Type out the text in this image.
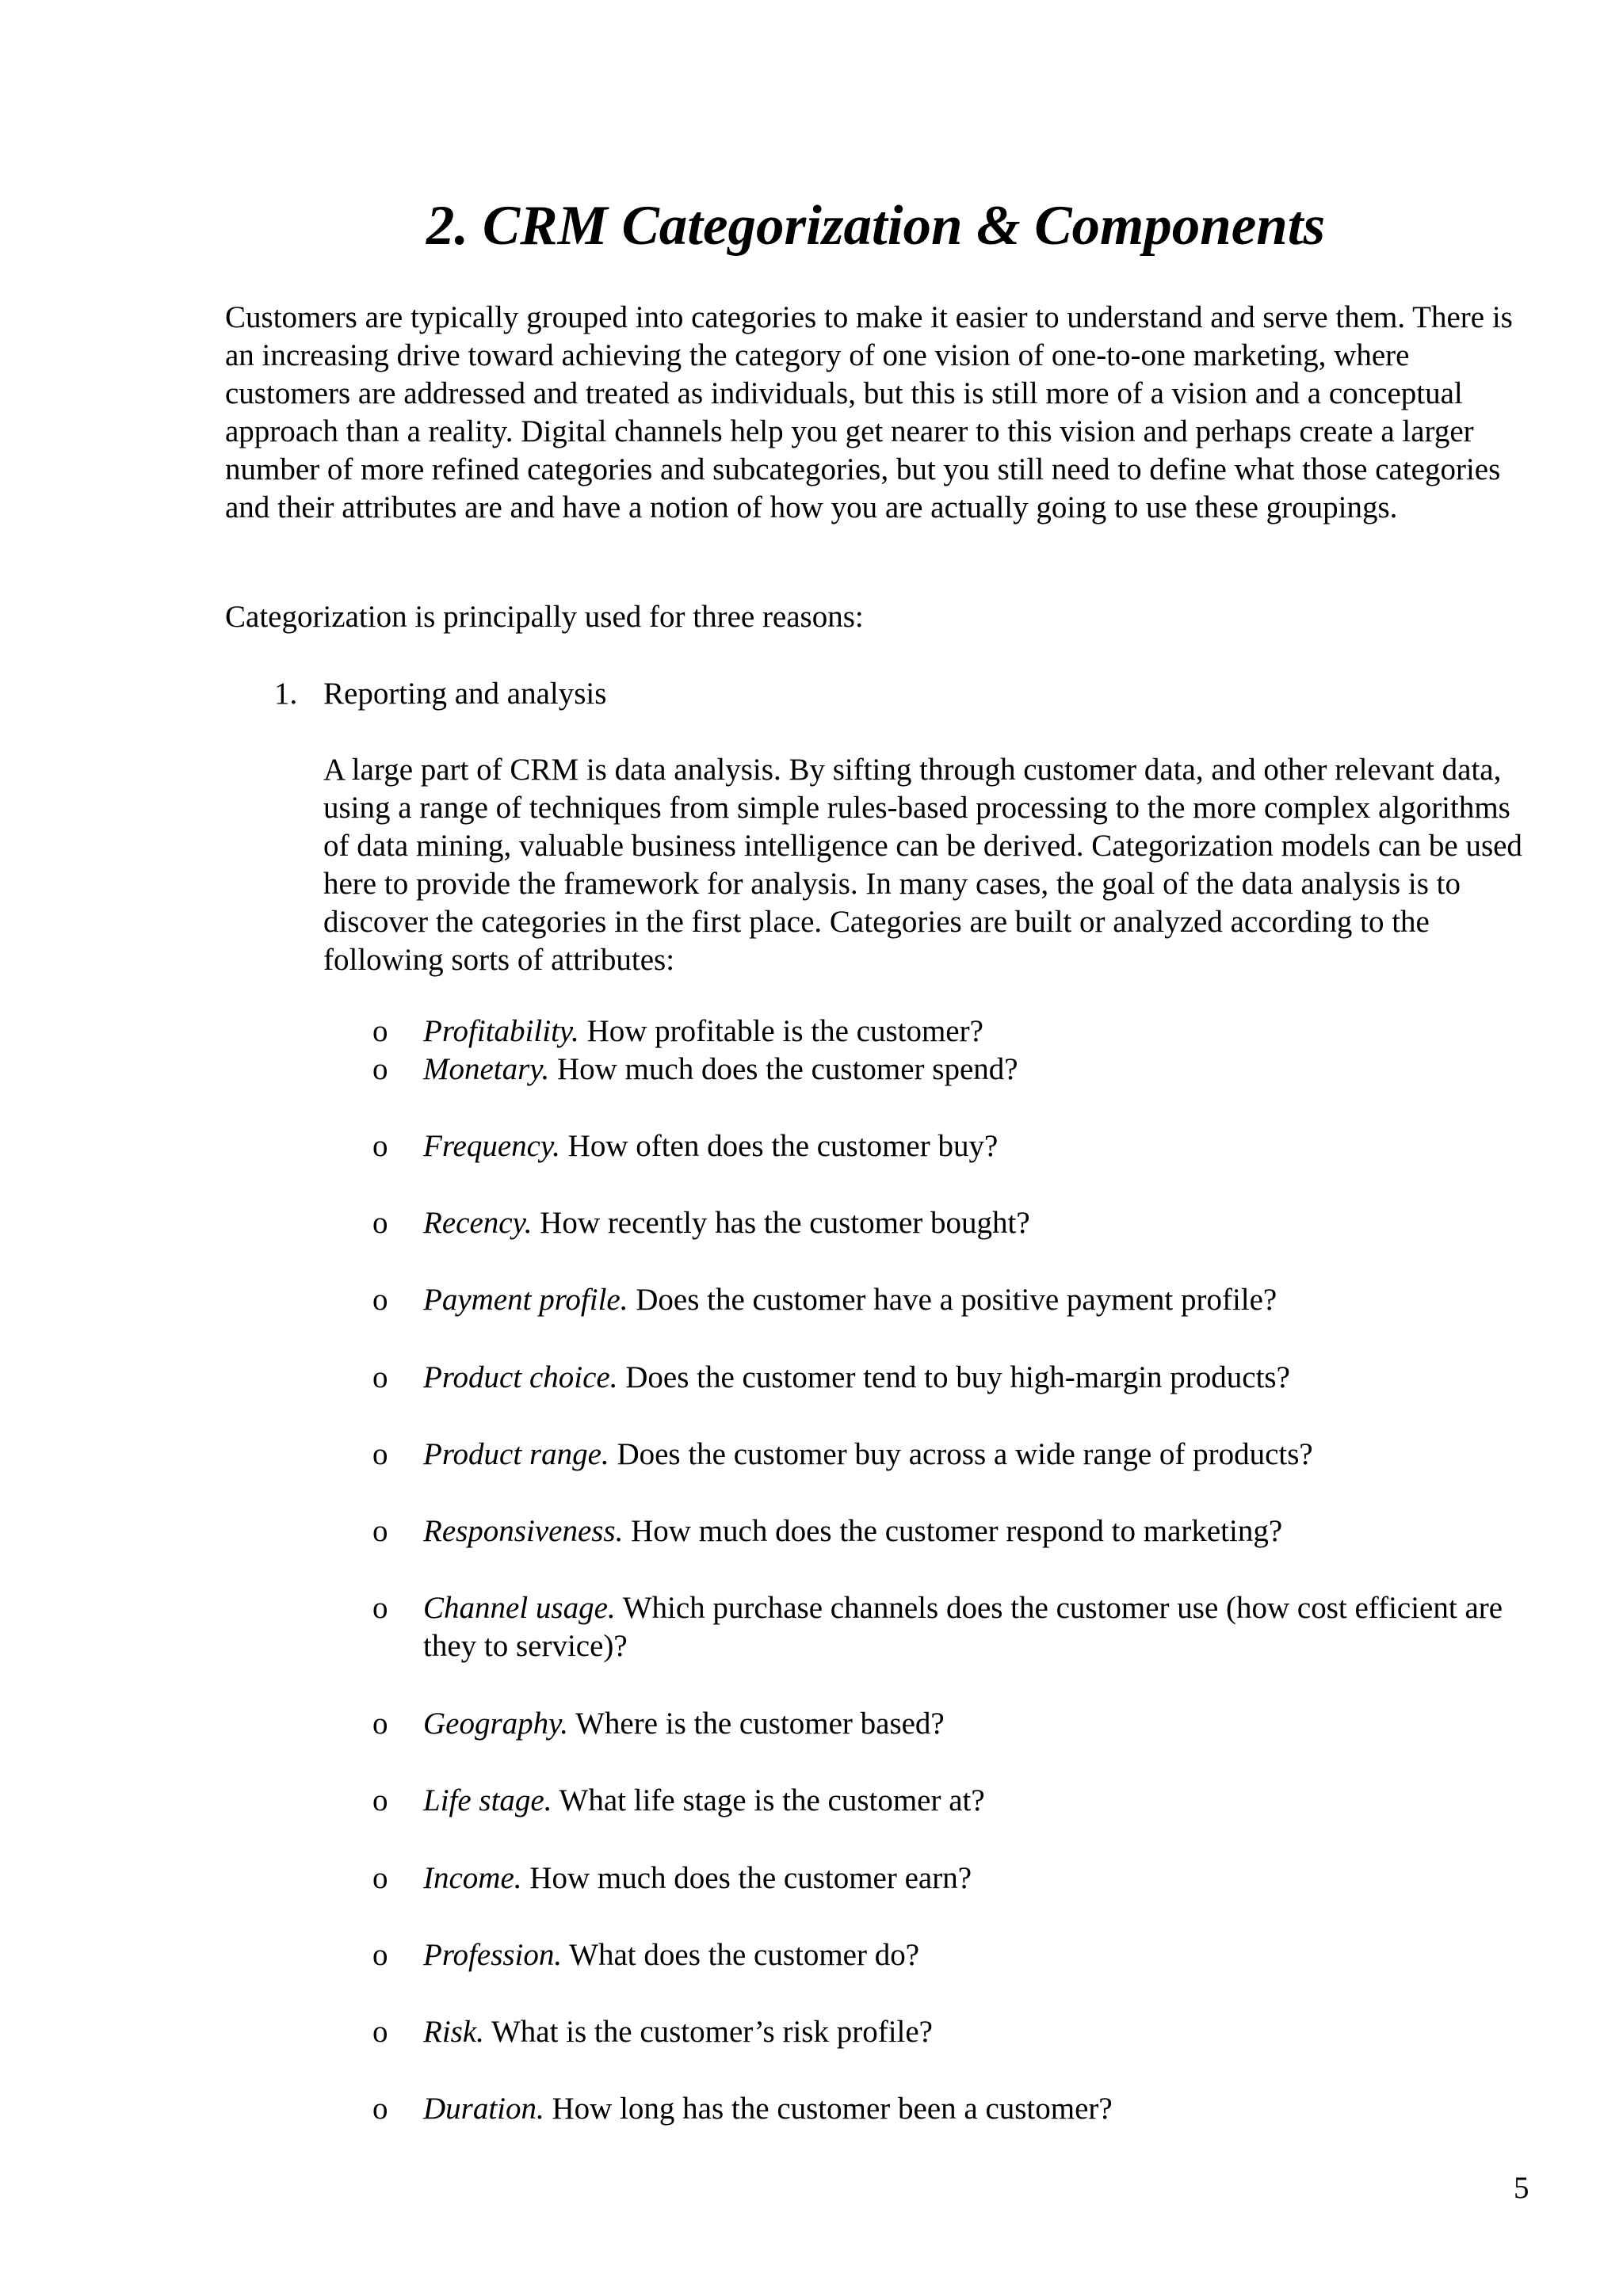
2. CRM Categorization & Components

Customers are typically grouped into categories to make it easier to understand and serve them. There is an increasing drive toward achieving the category of one vision of one-to-one marketing, where customers are addressed and treated as individuals, but this is still more of a vision and a conceptual approach than a reality. Digital channels help you get nearer to this vision and perhaps create a larger number of more refined categories and subcategories, but you still need to define what those categories and their attributes are and have a notion of how you are actually going to use these groupings.

Categorization is principally used for three reasons:

1. Reporting and analysis

A large part of CRM is data analysis. By sifting through customer data, and other relevant data, using a range of techniques from simple rules-based processing to the more complex algorithms of data mining, valuable business intelligence can be derived. Categorization models can be used here to provide the framework for analysis. In many cases, the goal of the data analysis is to discover the categories in the first place. Categories are built or analyzed according to the following sorts of attributes:

o Profitability. How profitable is the customer?
o Monetary. How much does the customer spend?
o Frequency. How often does the customer buy?
o Recency. How recently has the customer bought?
o Payment profile. Does the customer have a positive payment profile?
o Product choice. Does the customer tend to buy high-margin products?
o Product range. Does the customer buy across a wide range of products?
o Responsiveness. How much does the customer respond to marketing?
o Channel usage. Which purchase channels does the customer use (how cost efficient are they to service)?
o Geography. Where is the customer based?
o Life stage. What life stage is the customer at?
o Income. How much does the customer earn?
o Profession. What does the customer do?
o Risk. What is the customer’s risk profile?
o Duration. How long has the customer been a customer?
5
